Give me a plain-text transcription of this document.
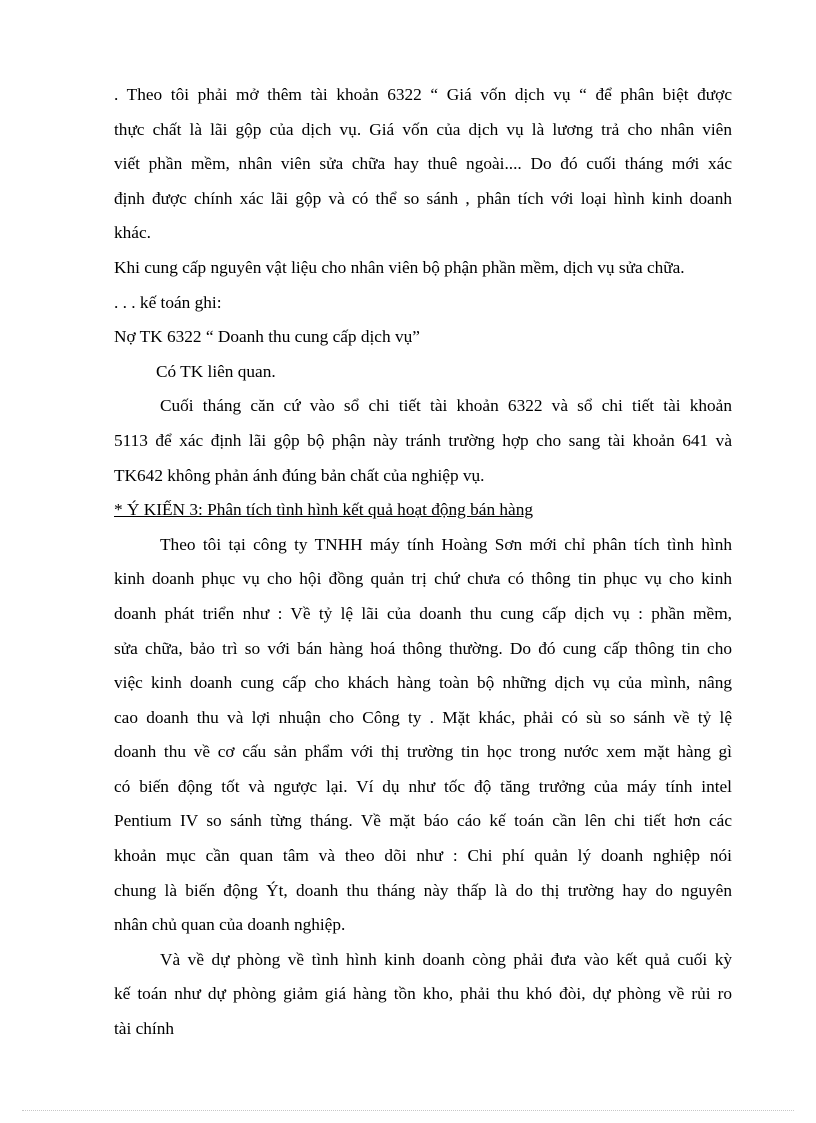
. Theo tôi phải mở thêm tài khoản 6322 “ Giá vốn dịch vụ “ để phân biệt được
thực chất là lãi gộp của dịch vụ. Giá vốn của dịch vụ là lương trả cho nhân viên
viết phần mềm, nhân viên sửa chữa hay thuê ngoài.... Do đó cuối tháng mới xác
định được chính xác lãi gộp và có thể so sánh , phân tích với loại hình kinh doanh
khác.
Khi cung cấp nguyên vật liệu cho nhân viên bộ phận phần mềm, dịch vụ sửa chữa.
. . . kế toán ghi:
Nợ TK 6322 “ Doanh thu cung cấp dịch vụ”
Có TK liên quan.
Cuối tháng căn cứ vào sổ chi tiết tài khoản 6322 và sổ chi tiết tài khoản
5113 để xác định lãi gộp bộ phận này tránh trường hợp cho sang tài khoản 641 và
TK642 không phản ánh đúng bản chất của nghiệp vụ.
* Ý KIẾN 3: Phân tích tình hình kết quả hoạt động bán hàng
Theo tôi tại công ty TNHH máy tính Hoàng Sơn mới chỉ phân tích tình hình
kinh doanh phục vụ cho hội đồng quản trị chứ chưa có thông tin phục vụ cho kinh
doanh phát triển như : Về tỷ lệ lãi của doanh thu cung cấp dịch vụ : phần mềm,
sửa chữa, bảo trì so với bán hàng hoá thông thường. Do đó cung cấp thông tin cho
việc kinh doanh cung cấp cho khách hàng toàn bộ những dịch vụ của mình, nâng
cao doanh thu và lợi nhuận cho Công ty . Mặt khác, phải có sù so sánh về tỷ lệ
doanh thu về cơ cấu sản phẩm với thị trường tin học trong nước xem mặt hàng gì
có biến động tốt và ngược lại. Ví dụ như tốc độ tăng trưởng của máy tính intel
Pentium IV so sánh từng tháng. Về mặt báo cáo kế toán cần lên chi tiết hơn các
khoản mục cần quan tâm và theo dõi như : Chi phí quản lý doanh nghiệp nói
chung là biến động Ýt, doanh thu tháng này thấp là do thị trường hay do nguyên
nhân chủ quan của doanh nghiệp.
Và về dự phòng về tình hình kinh doanh còng phải đưa vào kết quả cuối kỳ
kế toán như dự phòng giảm giá hàng tồn kho, phải thu khó đòi, dự phòng về rủi ro
tài chính
